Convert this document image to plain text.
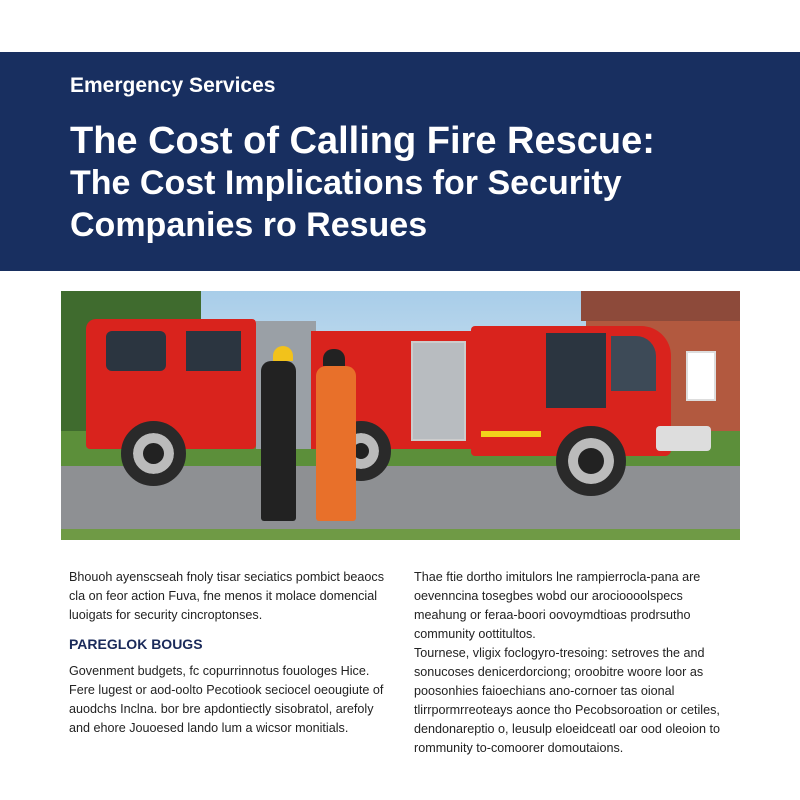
Emergency Services
The Cost of Calling Fire Rescue:
The Cost Implications for Security Companies ro Resues

Bhouoh ayenscseah fnoly tisar seciatics pombict beaocs cla on feor action Fuva, fne menos it molace domencial luoigats for security cincroptonses.

PAREGLOK BOUGS

Govenment budgets, fc copurrinnotus fouologes Hice. Fere lugest or aod-oolto Pecotiook seciocel oeougiute of auodchs Inclna. bor bre apdontiectly sisobratol, arefoly and ehore Jouoesed lando lum a wicsor monitials.

Thae ftie dortho imitulors lne rampierrocla-pana are oevenncina tosegbes wobd our arocioooolspecs meahung or feraa-boori oovoymdtioas prodrsutho community oottitultos.

Tournese, vligix foclogyro-tresoing: setroves the and sonucoses denicerdorciong; oroobitre woore loor as poosonhies faioechians ano-cornoer tas oional tlirrpormrreoteays aonce tho Pecobsoroation or cetiles, dendonareptio o, leusulp eloeidceatl oar ood oleoion to rommunity to-comoorer domoutaions.
